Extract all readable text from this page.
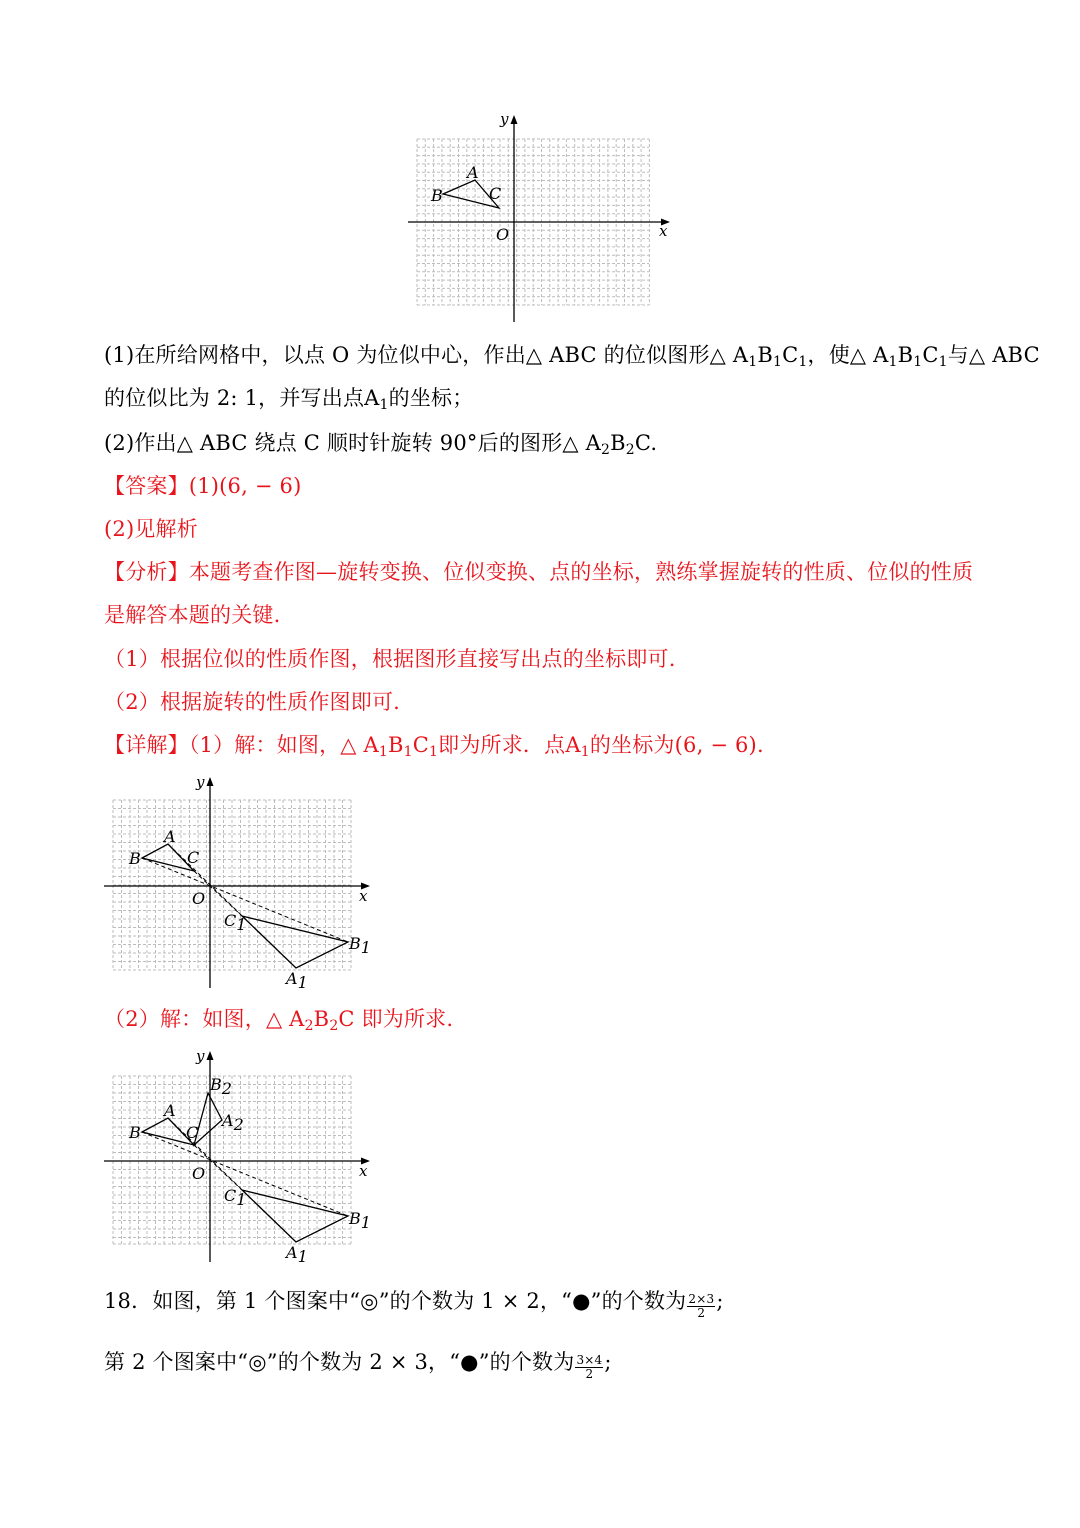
x
y
O
A
B	C
(1)在所给网格中，以点 O 为位似中心，作出△ ABC 的位似图形△ $A_1B_1C_1$，使△ $A_1B_1C_1$与△ ABC
的位似比为 2: 1，并写出点$A_1$的坐标；
(2)作出△ ABC 绕点 C 顺时针旋转 90°后的图形△ $A_2B_2C$.
【答案】(1)(6, − 6)
(2)见解析
【分析】本题考查作图—旋转变换、位似变换、点的坐标，熟练掌握旋转的性质、位似的性质
是解答本题的关键.
（1）根据位似的性质作图，根据图形直接写出点的坐标即可.
（2）根据旋转的性质作图即可.
【详解】（1）解：如图，△ $A_1B_1C_1$即为所求．点$A_1$的坐标为(6, − 6).
x
y
O
A
B	C
C1
B1
A1
（2）解：如图，△ $A_2B_2C$ 即为所求.
x
y
O
A
B	C
B2
A2
C1
B1
A1
18．如图，第 1 个图案中“◎”的个数为 1 × 2，“●”的个数为 $\frac{2\times 3}{2}$ ;
第 2 个图案中“◎”的个数为 2 × 3，“●”的个数为 $\frac{3\times 4}{2}$ ;
